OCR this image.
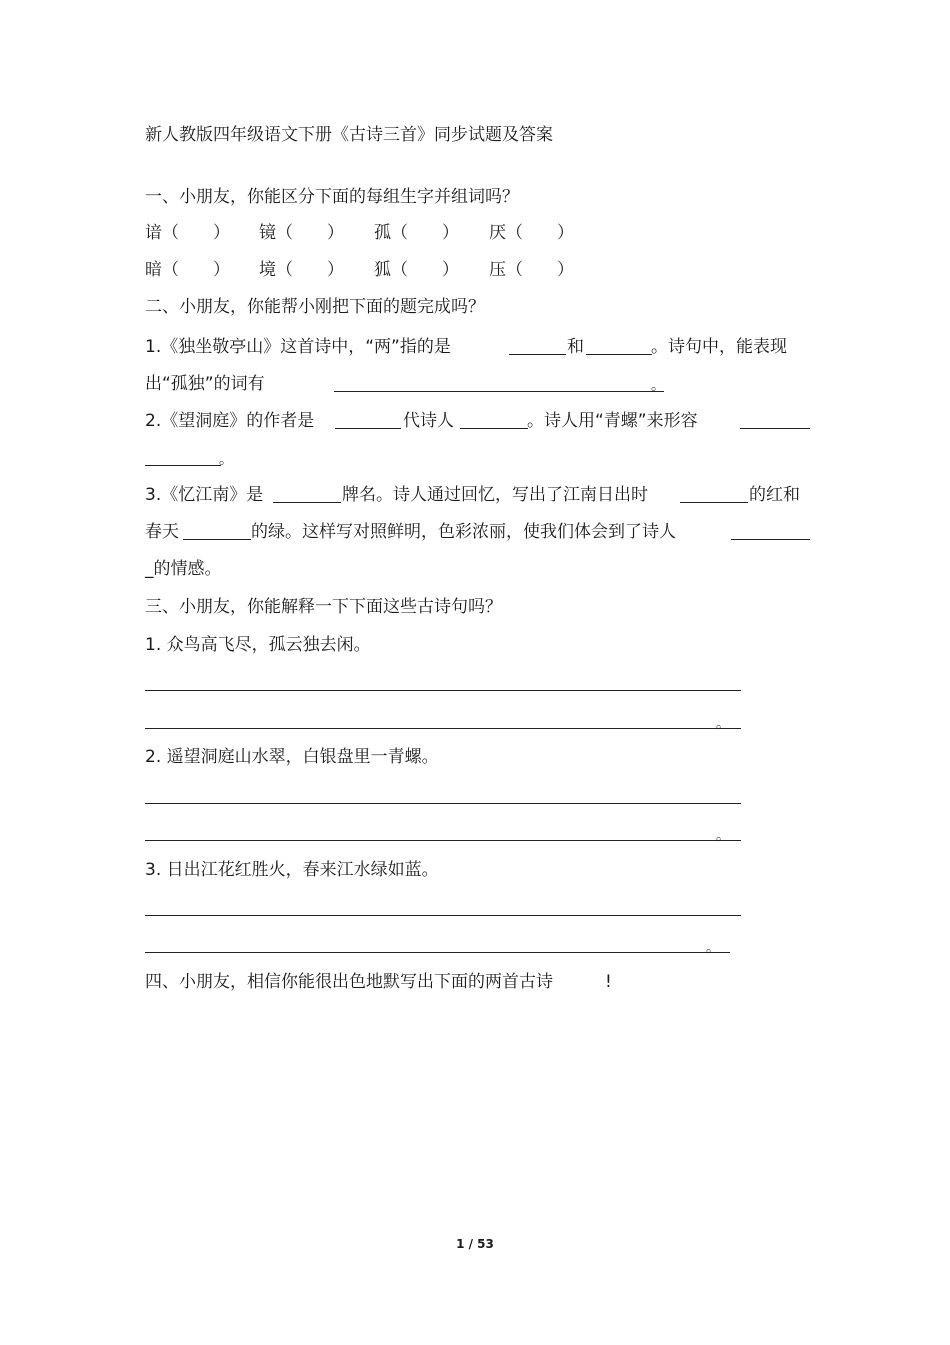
新人教版四年级语文下册《古诗三首》同步试题及答案
一、小朋友，你能区分下面的每组生字并组词吗？
谙（　　） 镜（　　） 孤（　　） 厌（　　）
暗（　　） 境（　　） 狐（　　） 压（　　）
二、小朋友，你能帮小刚把下面的题完成吗？
1.《独坐敬亭山》这首诗中，“两”指的是	和	。诗句中，能表现
出“孤独”的词有	。
2.《望洞庭》的作者是	代诗人	。诗人用“青螺”来形容
。
3.《忆江南》是	牌名。诗人通过回忆，写出了江南日出时	的红和
春天	的绿。这样写对照鲜明，色彩浓丽，使我们体会到了诗人
_的情感。
三、小朋友，你能解释一下下面这些古诗句吗？
1. 众鸟高飞尽，孤云独去闲。
。
2. 遥望洞庭山水翠，白银盘里一青螺。
。
3. 日出江花红胜火，春来江水绿如蓝。
。
四、小朋友，相信你能很出色地默写出下面的两首古诗	!
1 / 53
